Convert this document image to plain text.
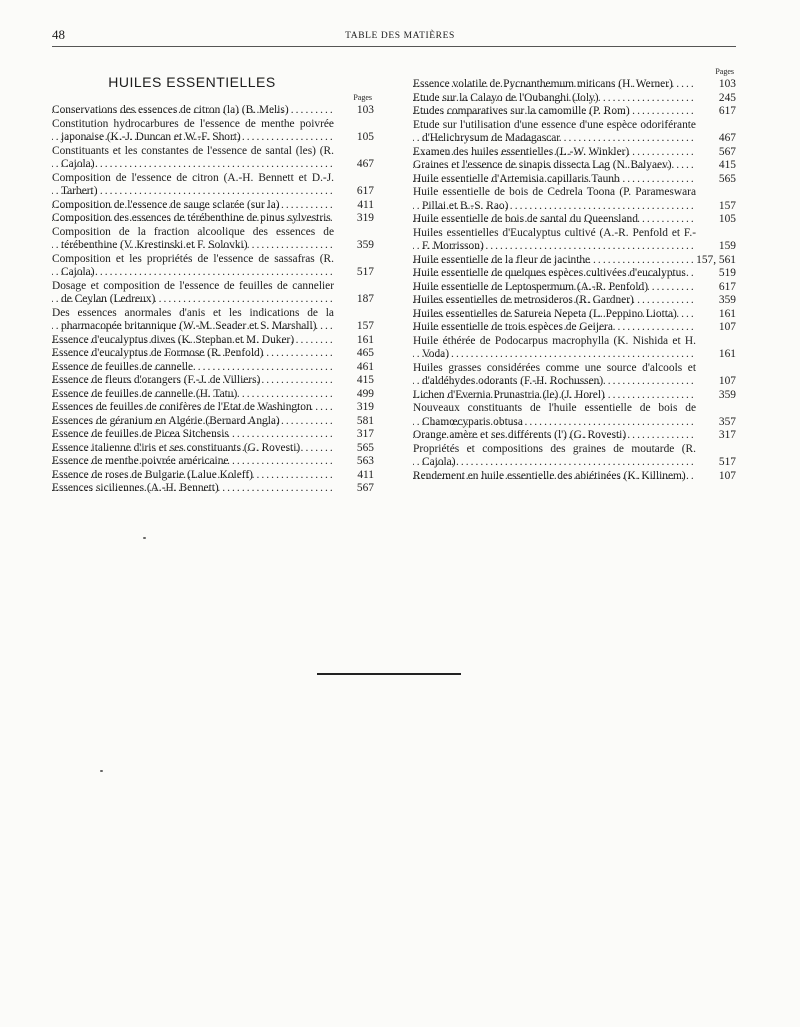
48	TABLE DES MATIÈRES
HUILES ESSENTIELLES
Pages
Conservations des essences de citron (la) (B. Melis) . . .	103
Constitution hydrocarbures de l'essence de menthe poivrée japonaise (K.-J. Duncan et W.-F. Short) . . .	105
Constituants et les constantes de l'essence de santal (les) (R. Cajola) . . .	467
Composition de l'essence de citron (A.-H. Bennett et D.-J. Tarbert) . . .	617
Composition de l'essence de sauge sclarée (sur la) . . .	411
Composition des essences de térébenthine de pinus sylvestris . . .	319
Composition de la fraction alcoolique des essences de térébenthine (V. Krestinski et F. Solovki) . . .	359
Composition et les propriétés de l'essence de sassafras (R. Cajola) . . .	517
Dosage et composition de l'essence de feuilles de cannelier de Ceylan (Ledreux) . . .	187
Des essences anormales d'anis et les indications de la pharmacopée britannique (W.-M. Seader et S. Marshall) . . .	157
Essence d'eucalyptus dives (K. Stephan et M. Duker) . . .	161
Essence d'eucalyptus de Formose (R. Penfold) . . .	465
Essence de feuilles de cannelle . . .	461
Essence de fleurs d'orangers (F.-J. de Villiers) . . .	415
Essence de feuilles de cannelle (H. Tatu) . . .	499
Essences de feuilles de conifères de l'Etat de Washington . . .	319
Essences de géranium en Algérie (Bernard Angla) . . .	581
Essence de feuilles de Picea Sitchensis . . .	317
Essence italienne d'iris et ses constituants (G. Rovesti) . . .	565
Essence de menthe poivrée américaine . . .	563
Essence de roses de Bulgarie (Lalue Koleff) . . .	411
Essences siciliennes (A.-H. Bennett) . . .	567
Pages
Essence volatile de Pycnanthemum miticans (H. Werner) . . .	103
Etude sur la Calayo de l'Oubanghi (Joly) . . .	245
Etudes comparatives sur la camomille (P. Rom) . . .	617
Etude sur l'utilisation d'une essence d'une espèce odoriférante d'Helichrysum de Madagascar . . .	467
Examen des huiles essentielles (L.-W. Winkler) . . .	567
Graines et l'essence de sinapis dissecta Lag (N. Balyaev) . . .	415
Huile essentielle d'Artemisia capillaris Taunb . . .	565
Huile essentielle de bois de Cedrela Toona (P. Parameswara Pillai et B.-S. Rao) . . .	157
Huile essentielle de bois de santal du Queensland . . .	105
Huiles essentielles d'Eucalyptus cultivé (A.-R. Penfold et F.-F. Morrisson) . . .	159
Huile essentielle de la fleur de jacinthe . . .	157, 561
Huile essentielle de quelques espèces cultivées d'eucalyptus . . .	519
Huile essentielle de Leptospermum (A.-R. Penfold) . . .	617
Huiles essentielles de metrosideros (R. Gardner) . . .	359
Huiles essentielles de Satureia Nepeta (L. Peppino Liotta) . . .	161
Huile essentielle de trois espèces de Geijera . . .	107
Huile éthérée de Podocarpus macrophylla (K. Nishida et H. Voda) . . .	161
Huiles grasses considérées comme une source d'alcools et d'aldéhydes odorants (F.-H. Rochussen) . . .	107
Lichen d'Evernia Prunastria (le) (J. Horel) . . .	359
Nouveaux constituants de l'huile essentielle de bois de Chamœcyparis obtusa . . .	357
Orange amère et ses différents (l') (G. Rovesti) . . .	317
Propriétés et compositions des graines de moutarde (R. Cajola) . . .	517
Rendement en huile essentielle des abiétinées (K. Killinem) . . .	107
